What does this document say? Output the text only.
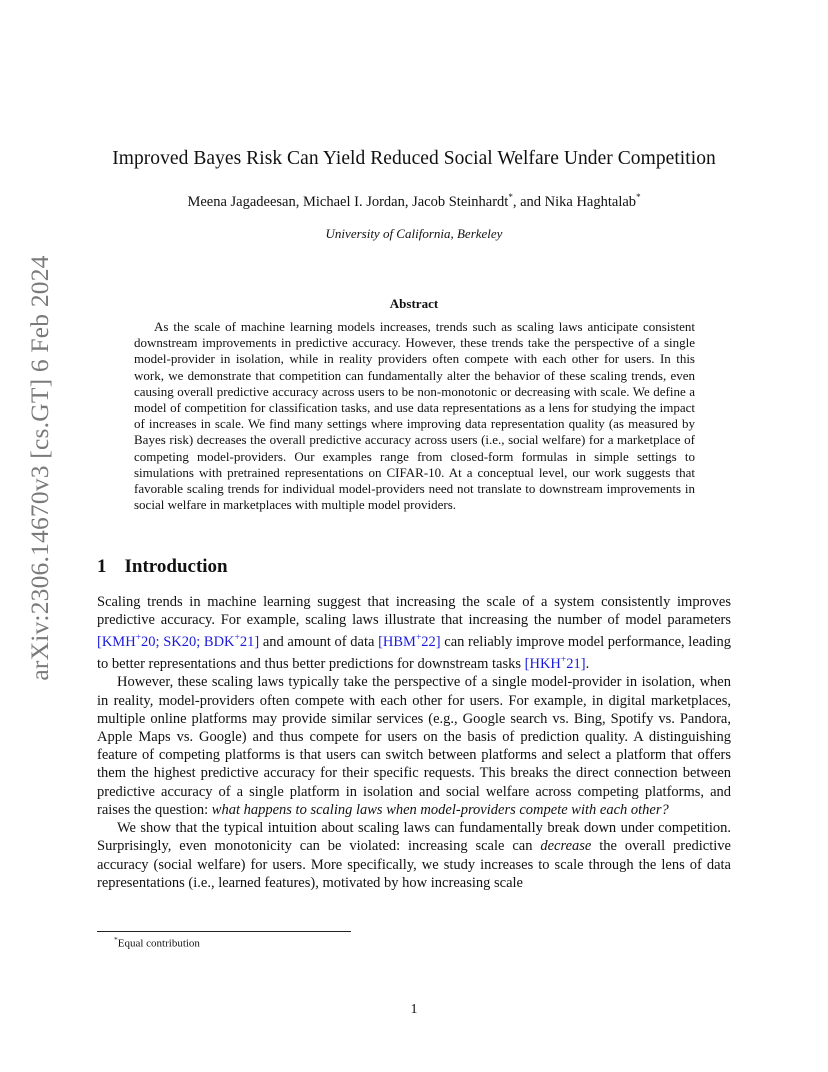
arXiv:2306.14670v3 [cs.GT] 6 Feb 2024
Improved Bayes Risk Can Yield Reduced Social Welfare Under Competition
Meena Jagadeesan, Michael I. Jordan, Jacob Steinhardt*, and Nika Haghtalab*
University of California, Berkeley
Abstract
As the scale of machine learning models increases, trends such as scaling laws anticipate consistent downstream improvements in predictive accuracy. However, these trends take the perspective of a single model-provider in isolation, while in reality providers often compete with each other for users. In this work, we demonstrate that competition can fundamentally alter the behavior of these scaling trends, even causing overall predictive accuracy across users to be non-monotonic or decreasing with scale. We define a model of competition for classification tasks, and use data representations as a lens for studying the impact of increases in scale. We find many settings where improving data representation quality (as measured by Bayes risk) decreases the overall predictive accuracy across users (i.e., social welfare) for a marketplace of competing model-providers. Our examples range from closed-form formulas in simple settings to simulations with pretrained representations on CIFAR-10. At a conceptual level, our work suggests that favorable scaling trends for individual model-providers need not translate to downstream improvements in social welfare in marketplaces with multiple model providers.
1 Introduction

Scaling trends in machine learning suggest that increasing the scale of a system consistently improves predictive accuracy. For example, scaling laws illustrate that increasing the number of model parameters [KMH+20; SK20; BDK+21] and amount of data [HBM+22] can reliably improve model performance, leading to better representations and thus better predictions for downstream tasks [HKH+21].

However, these scaling laws typically take the perspective of a single model-provider in isolation, when in reality, model-providers often compete with each other for users. For example, in digital marketplaces, multiple online platforms may provide similar services (e.g., Google search vs. Bing, Spotify vs. Pandora, Apple Maps vs. Google) and thus compete for users on the basis of prediction quality. A distinguishing feature of competing platforms is that users can switch between platforms and select a platform that offers them the highest predictive accuracy for their specific requests. This breaks the direct connection between predictive accuracy of a single platform in isolation and social welfare across competing platforms, and raises the question: what happens to scaling laws when model-providers compete with each other?

We show that the typical intuition about scaling laws can fundamentally break down under competition. Surprisingly, even monotonicity can be violated: increasing scale can decrease the overall predictive accuracy (social welfare) for users. More specifically, we study increases to scale through the lens of data representations (i.e., learned features), motivated by how increasing scale

*Equal contribution
1
